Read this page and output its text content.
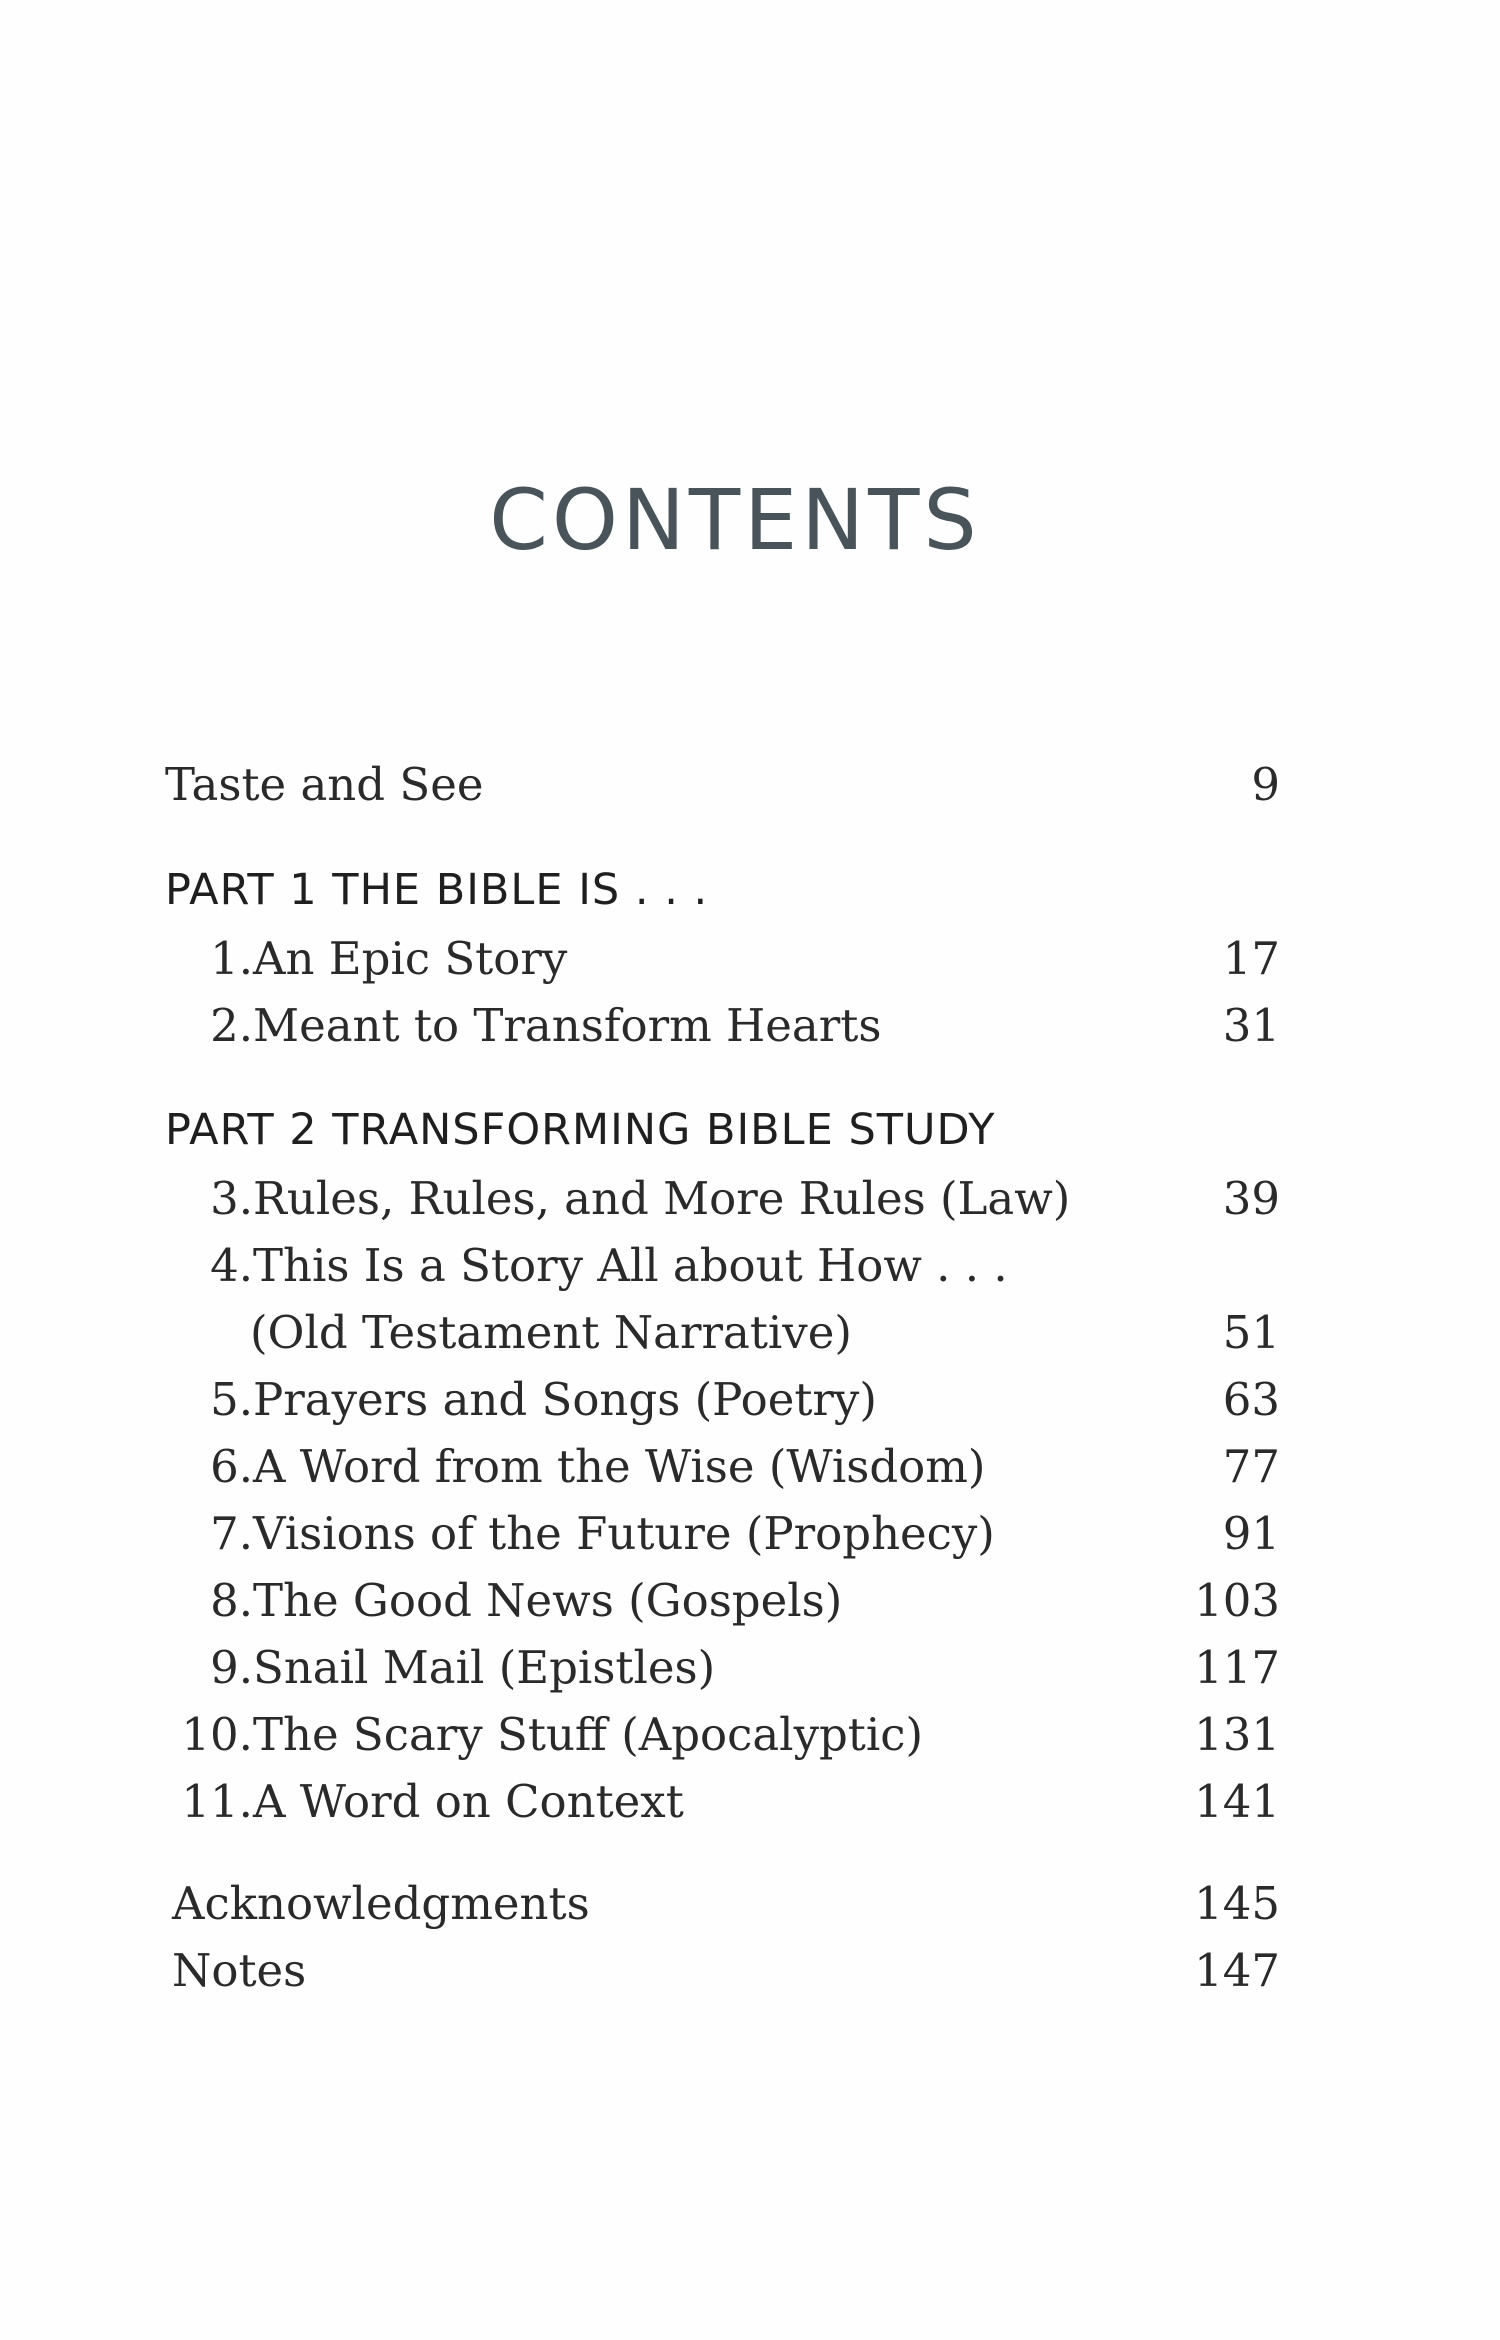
CONTENTS
Taste and See	9
PART 1 THE BIBLE IS . . .
1. An Epic Story	17
2. Meant to Transform Hearts	31
PART 2 TRANSFORMING BIBLE STUDY
3. Rules, Rules, and More Rules (Law)	39
4. This Is a Story All about How . . .
(Old Testament Narrative)	51
5. Prayers and Songs (Poetry)	63
6. A Word from the Wise (Wisdom)	77
7. Visions of the Future (Prophecy)	91
8. The Good News (Gospels)	103
9. Snail Mail (Epistles)	117
10. The Scary Stuff (Apocalyptic)	131
11. A Word on Context	141
Acknowledgments	145
Notes	147
